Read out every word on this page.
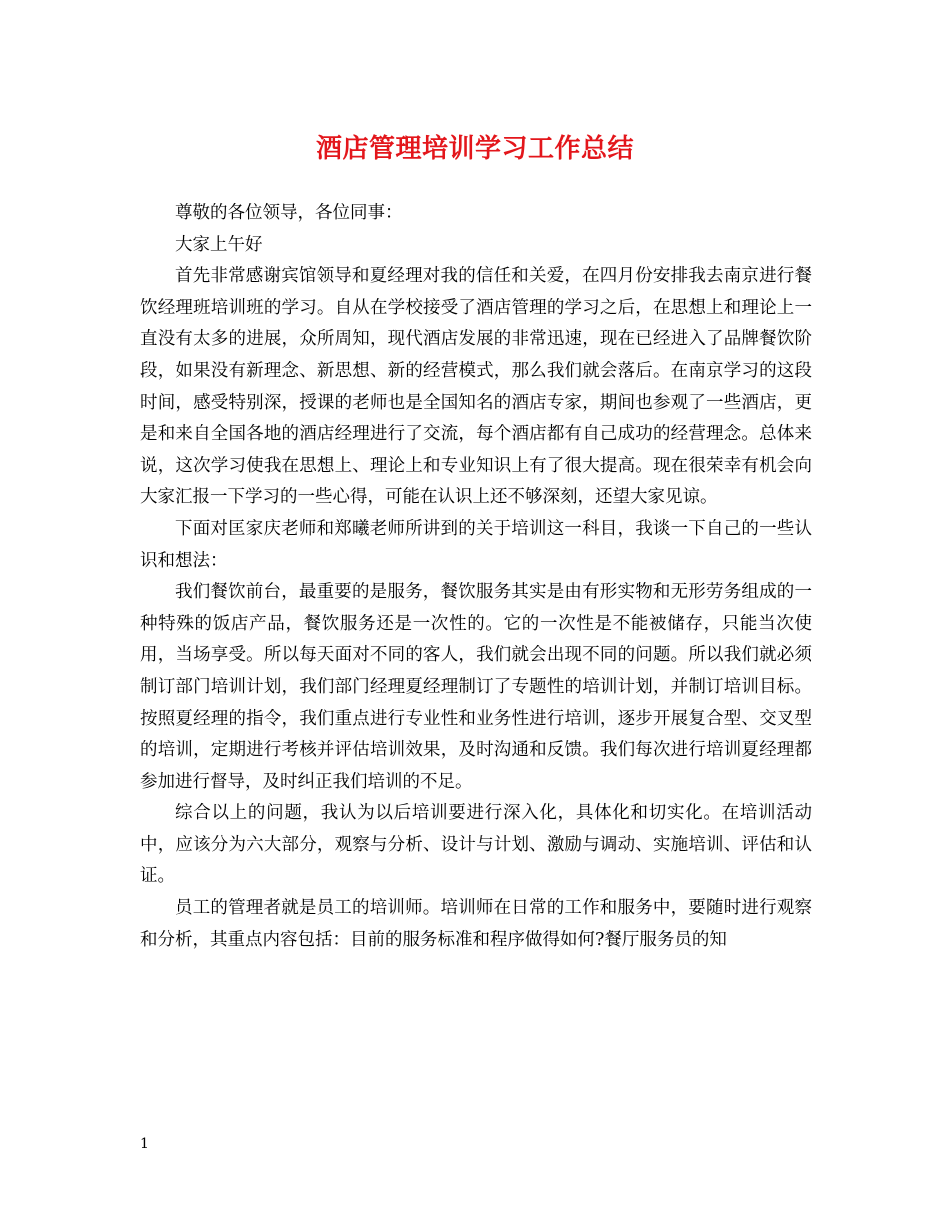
酒店管理培训学习工作总结

尊敬的各位领导，各位同事：

大家上午好

首先非常感谢宾馆领导和夏经理对我的信任和关爱，在四月份安排我去南京进行餐饮经理班培训班的学习。自从在学校接受了酒店管理的学习之后，在思想上和理论上一直没有太多的进展，众所周知，现代酒店发展的非常迅速，现在已经进入了品牌餐饮阶段，如果没有新理念、新思想、新的经营模式，那么我们就会落后。在南京学习的这段时间，感受特别深，授课的老师也是全国知名的酒店专家，期间也参观了一些酒店，更是和来自全国各地的酒店经理进行了交流，每个酒店都有自己成功的经营理念。总体来说，这次学习使我在思想上、理论上和专业知识上有了很大提高。现在很荣幸有机会向大家汇报一下学习的一些心得，可能在认识上还不够深刻，还望大家见谅。

下面对匡家庆老师和郑曦老师所讲到的关于培训这一科目，我谈一下自己的一些认识和想法：

我们餐饮前台，最重要的是服务，餐饮服务其实是由有形实物和无形劳务组成的一种特殊的饭店产品，餐饮服务还是一次性的。它的一次性是不能被储存，只能当次使用，当场享受。所以每天面对不同的客人，我们就会出现不同的问题。所以我们就必须制订部门培训计划，我们部门经理夏经理制订了专题性的培训计划，并制订培训目标。按照夏经理的指令，我们重点进行专业性和业务性进行培训，逐步开展复合型、交叉型的培训，定期进行考核并评估培训效果，及时沟通和反馈。我们每次进行培训夏经理都参加进行督导，及时纠正我们培训的不足。

综合以上的问题，我认为以后培训要进行深入化，具体化和切实化。在培训活动中，应该分为六大部分，观察与分析、设计与计划、激励与调动、实施培训、评估和认证。

员工的管理者就是员工的培训师。培训师在日常的工作和服务中，要随时进行观察和分析，其重点内容包括：目前的服务标准和程序做得如何?餐厅服务员的知

1
